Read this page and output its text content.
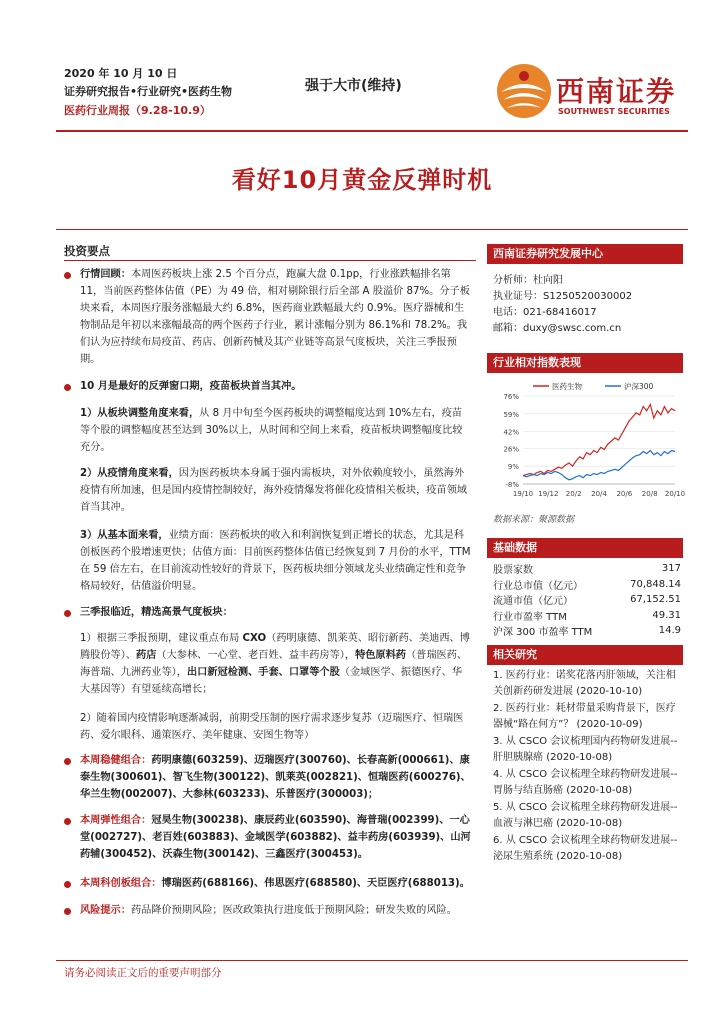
2020 年 10 月 10 日
证券研究报告•行业研究•医药生物
医药行业周报（9.28-10.9）
强于大市(维持)	西南证券
SOUTHWEST SECURITIES
看好10月黄金反弹时机
投资要点
行情回顾：本周医药板块上涨 2.5 个百分点，跑赢大盘 0.1pp，行业涨跌幅排名第 11，当前医药整体估值（PE）为 49 倍，相对剔除银行后全部 A 股溢价 87%。分子板块来看，本周医疗服务涨幅最大约 6.8%，医药商业跌幅最大约 0.9%。医疗器械和生物制品是年初以来涨幅最高的两个医药子行业，累计涨幅分别为 86.1%和 78.2%。我们认为应持续布局疫苗、药店、创新药械及其产业链等高景气度板块，关注三季报预期。
10 月是最好的反弹窗口期，疫苗板块首当其冲。
1）从板块调整角度来看，从 8 月中旬至今医药板块的调整幅度达到 10%左右，疫苗等个股的调整幅度甚至达到 30%以上，从时间和空间上来看，疫苗板块调整幅度比较充分。
2）从疫情角度来看，因为医药板块本身属于强内需板块，对外依赖度较小，虽然海外疫情有所加速，但是国内疫情控制较好，海外疫情爆发将催化疫情相关板块，疫苗领域首当其冲。
3）从基本面来看，业绩方面：医药板块的收入和利润恢复到正增长的状态，尤其是科创板医药个股增速更快；估值方面：目前医药整体估值已经恢复到 7 月份的水平，TTM 在 59 倍左右，在目前流动性较好的背景下，医药板块细分领域龙头业绩确定性和竞争格局较好，估值溢价明显。
三季报临近，精选高景气度板块：
1）根据三季报预期，建议重点布局 CXO（药明康德、凯莱英、昭衍新药、美迪西、博腾股份等）、药店（大参林、一心堂、老百姓、益丰药房等），特色原料药（普瑞医药、海普瑞、九洲药业等），出口新冠检测、手套、口罩等个股（金域医学、振德医疗、华大基因等）有望延续高增长；
2）随着国内疫情影响逐渐减弱，前期受压制的医疗需求逐步复苏（迈瑞医疗、恒瑞医药、爱尔眼科、通策医疗、美年健康、安图生物等）
本周稳健组合：药明康德(603259)、迈瑞医疗(300760)、长春高新(000661)、康泰生物(300601)、智飞生物(300122)、凯莱英(002821)、恒瑞医药(600276)、华兰生物(002007)、大参林(603233)、乐普医疗(300003)；
本周弹性组合：冠昊生物(300238)、康辰药业(603590)、海普瑞(002399)、一心堂(002727)、老百姓(603883)、金域医学(603882)、益丰药房(603939)、山河药辅(300452)、沃森生物(300142)、三鑫医疗(300453)。
本周科创板组合：博瑞医药(688166)、伟思医疗(688580)、天臣医疗(688013)。
风险提示：药品降价预期风险；医改政策执行进度低于预期风险；研发失败的风险。
西南证券研究发展中心
分析师：杜向阳
执业证号：S1250520030002
电话：021-68416017
邮箱：duxy@swsc.com.cn
行业相对指数表现
76%
59%
42%
26%
9%
-8%
19/10 19/12 20/2 20/4 20/6 20/8 20/10
医药生物	沪深300
数据来源：聚源数据
基础数据
股票家数	317
行业总市值（亿元）	70,848.14
流通市值（亿元）	67,152.51
行业市盈率 TTM	49.31
沪深 300 市盈率 TTM	14.9
相关研究
1. 医药行业：诺奖花落丙肝领域，关注相关创新药研发进展 (2020-10-10)
2. 医药行业：耗材带量采购背景下，医疗器械“路在何方”？ (2020-10-09)
3. 从 CSCO 会议梳理国内药物研发进展--肝胆胰腺癌 (2020-10-08)
4. 从 CSCO 会议梳理全球药物研发进展--胃肠与结直肠癌 (2020-10-08)
5. 从 CSCO 会议梳理全球药物研发进展--血液与淋巴癌 (2020-10-08)
6. 从 CSCO 会议梳理全球药物研发进展--泌尿生殖系统 (2020-10-08)
请务必阅读正文后的重要声明部分
